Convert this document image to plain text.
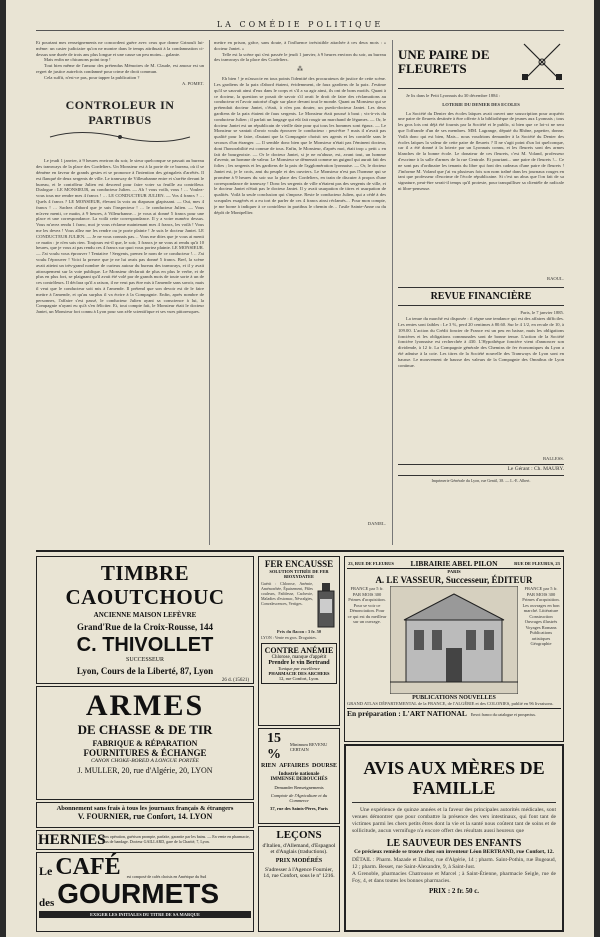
LA COMÉDIE POLITIQUE

Et pourtant mes renseignements ne concordent guère avec ceux que donne Grinoult lui-même: un casier judiciaire qu'on ne montre dans le temps attribuait à la condamnation ci-dessus une durée de trois ans plus longue et une cause un peu moins... galante.

Mais enfin ne chicanons point trop !

Tout bien même de l'amour des prétendus Mémoires de M. Claude, est amour est un regret de justice autrefois condamné pour crime de droit commun.

Cela suffit, n'est-ce pas, pour tapper la publication ?

A. POMET.

CONTROLEUR IN PARTIBUS

Le jeudi 1 janvier, à 9 heures environ du soir, le sieur quelconque se passait au bureau des tramways de la place des Cordeliers. Un Monsieur est à la porte de ce bureau, où il se démène en faveur de grands gestes et se prononce à l'intention des gringalets d'arrêtés. Il est flanqué de deux sergents de ville. Le tramway de Villeurbanne entre et s'arrête devant le bureau, et le contrôleur Julien est descend pour faire voter sa feuille au contrôleur. Dialogue : LE MONSIEUR, au conducteur Julien. — Ah ! vous voilà, vous ! … Voulez-vous tous me rendre mes 4 francs ! … LE CONDUCTEUR JULIEN. — Vos 4 francs ? … Quels 4 francs ? LE MONSIEUR, élevant la voix au diapason glapissant. — Oui, mes 4 francs ! … Sachez d'abord que je suis l'inspecteur ! … le conducteur Julien. — Vous m'avez menti, ce matin, à 9 heures, à Villeurbanne… je vous ai donné 5 francs pour une place et une correspondance. La voilà cette correspondance. Il y a votre numéro dessus. Vous m'avez rendu 1 franc, moi je vous réclame maintenant mes 4 francs, les voilà ! Vous me les devez ! Vous allez me les rendre ou je porte plainte ! Je suis le docteur Jantet. LE CONDUCTEUR JULIEN. — Je ne vous connais pas… Vous me dites que je vous ai menti ce matin : je n'en sais rien. Toujours est-il que, le soir, 3 francs je ne vous ai rendu qu'à 10 heures, que je vous ai pas rendu ces 4 francs sur quoi vous portez plainte. LE MONSIEUR. — J'ai voulu vous éprouver ! Tentative ! Sergents, prenez le nom de ce conducteur !… J'ai voulu l'éprouver ! Voici la preuve que je ne lui avais pas donné 5 francs. Bref, la scène avait atteint un très-grand nombre de curieux autour du bureau des tramways, et il y avait attroupement sur la voie publique. Le Monsieur déclarait de plus en plus le verbe, et de plus en plus fort, se plaignant qu'il avait été volé par de grands mots de toute sorte à un de ces contrôleurs. Il déclara qu'il a raison, il ne veut pas être mis à l'amende sans savoir, mais il veut que le conducteur soit mis à l'amende. Il prétend que son devoir est de le faire mettre à l'amende, et qu'au surplus il va écrire à la Compagnie. Enfin, après nombre de personnes, l'affaire s'est passé, le conducteur Julien ayant sa conscience à lui, la Compagnie n'ayant eu qu'à s'en féliciter. Et, tout compte fait, le Monsieur était le docteur Jantet, un Monsieur fort connu à Lyon pour son zèle scientifique et ses vues pittoresques.

mettre en prison, grâce, sans doute, à l'influence irrésistible attachée à ces deux mots : « docteur Jantet. »

Telle est la scène qui s'est passée le jeudi 1 janvier, à 9 heures environ du soir, au bureau des tramways de la place des Cordeliers.

⁂

Eh bien ! je m'associe en tous points l'identité des procurateurs de justice de cette scène. Les gardiens de la paix d'abord étaient, évidemment, de faux gardiens de la paix. J'estime qu'il se sauvait ainsi d'eux dans le corps et s'il a su agir ainsi, ils ont de bons motifs. Quant à ce docteur, la question se posait de savoir s'il avait le droit de faire des réclamations au conducteur et l'avoir autorisé d'agir sur place devant tout le monde. Quant au Monsieur qui se prétendait docteur Jantet, c'était, à n'en pas douter, un psedo-docteur Jantet. Les deux gardiens de la paix étaient de faux sergents. Le Monsieur était poussé à bout ; vis-à-vis du conducteur Julien ; il parlait un langage qui eût fait rougir un marchand de légumes. — Or, le docteur Jantet est un républicain de vieille date pour qui tous les hommes sont égaux. — Le Monsieur se vantait d'avoir voulu éprouver le conducteur : peut-être ? mais il n'avait pas qualité pour le faire, d'autant que la Compagnie choisit ses agents et les contrôle sans le secours d'un étranger. — Il semble donc bien que le Monsieur n'était pas l'éminent docteur, dont l'honorabilité est connue de tous. Enfin, le Monsieur, d'après moi, était trop « petit » en fait de bourgeoisie. — Or le docteur Jantet, si je ne m'abuse, est, avant tout, un homme d'avenir, un homme de valeur. Le Monsieur se démenait comme un guignol qui aurait fait des folies ; les sergents et les gardiens de la paix de l'agglomération lyonnaise. — Or, le docteur Jantet est, je le crois, ami du peuple et des ouvriers. Le Monsieur n'est pas l'homme qui se promène à 9 heures du soir sur la place des Cordeliers, en train de discuter à propos d'une correspondance de tramway ! Donc les sergents de ville n'étaient pas des sergents de ville, et le docteur Jantet n'était pas le docteur Jantet. Il y avait usurpation de titres et usurpation de qualités. Voilà la seule conclusion qui s'impose. Reste le conducteur Julien, qui a cédé à des scrupules exagérés et a eu tort de parler de ces 4 francs ainsi réclamés… Pour mon compte, je me borne à indiquer à ce contrôleur in partibus le chemin de… l'asile Sainte-Anne ou du dépôt de Montpellier.

DANIEL.

UNE PAIRE DE FLEURETS

Je lis dans le Petit Lyonnais du 30 décembre 1884 :

LOTERIE DU DENIER DES ECOLES

La Société du Denier des écoles laïques avait ouvert une souscription pour acquérir une paire de fleurets destinée à être offerte à la bibliothèque de jeunes aux Lyonnais ; tous les gros lots ont déjà été fournis par la Société et le public, si bien que ce lot-ci ne sera que l'offrande d'un de ses membres. MM. Lagrange, député du Rhône, papetier, donne. Voilà donc qui est bien, Mais... nous voudrions demander à la Société du Denier des écoles laïques la valeur de cette paire de fleurets ? Il ne s'agit point d'un lot quelconque, car il a été donné à la loterie par un Lyonnais connu, et les fleurets sont des armes blanches de la bonne école. Le donateur de ces fleurets, c'est M. Voland, professeur d'escrime à la salle d'armes de la rue Centrale. Et pourtant... une paire de fleurets !... Ce ne sont pas d'ordinaire les tenants du libre qui font des cadeaux d'une paire de fleurets ! J'informe M. Voland que j'ai vu plusieurs fois son nom traîné dans les journaux rouges en tant que professeur d'escrime de l'école républicaine. Si c'est un abus que l'on fait de sa signature, peut-être serait-il temps qu'il proteste, pour tranquilliser sa clientèle de radicale ni libre-penseuse.

RAOUL.

REVUE FINANCIÈRE

Paris, le 7 janvier 1885.

La tenue du marché est disposée : il règne une tendance qui est des affaires difficiles. Les rentes sont faibles : Le 3 %, perd 20 centimes à 80.60. Sur le 4 1/2, en recule de 10, à 109.00. L'action du Crédit foncier de France est un peu en baisse, mais les obligations foncières et les obligations communales sont de bonne tenue. L'action de la Société foncière lyonnaise est recherchée à 430. L'Hypothèque foncière vient d'annoncer son dividende, à 12 fr. La Compagnie générale des Chemins de fer économiques du Lyon a été admise à la cote. Les titres de la Société nouvelle des Tramways de Lyon sont en hausse. Le mouvement de hausse des valeurs de la Compagnie des Omnibus de Lyon continue.

BALLESS.

Le Gérant : Ch. MAURY.

Imprimerie Générale du Lyon, rue Gentil, 38. — L.-E. Albert.

TIMBRE CAOUTCHOUC
ANCIENNE MAISON LEFÈVRE
Grand'Rue de la Croix-Rousse, 144
C. THIVOLLET
SUCCESSEUR
Lyon, Cours de la Liberté, 87, Lyon
26 d. (15621)
ARMES
DE CHASSE & DE TIR
FABRIQUE & RÉPARATION
FOURNITURES & ÉCHANGE
CANON CHOKE-BORED A LONGUE PORTÉE
J. MULLER, 20, rue d'Algérie, 20, LYON
Abonnement sans frais à tous les journaux français & étrangers
V. FOURNIER, rue Confort, 14. LYON
HERNIES
sans opération, guérison prompte, parfaite, garantie par les bains. — En vente en pharmacie, plus de bandage. Docteur GAILLARD, gare de la Charité, 7, Lyon.
Le CAFÉ est composé de cafés choisis en Amérique du Sud
des GOURMETS
EXIGER LES INITIALES DU TITRE DE SA MARQUE
FER ENCAUSSE
SOLUTION TITRÉE DE FER BIOXYDATEE

Guérit : Chlorose, Anémie, Aménorrhée, Épuisement, Pâles couleurs, Faiblesse, Cachexie, Maladies d'estomac, Névralgies, Convalescences, Vertiges.

Prix du flacon : 3 fr. 50

LYON : Vente en gros. Droguistes.

CONTRE ANÉMIE
Chlorose, manque d'appétit
Prendre le vin Bertrand
Tonique par excellence
PHARMACIE DES ARCHERS
12, rue Confort, Lyon.
15 %
Minimum REVENU CERTAIN
RIEN AFFAIRES DOURSE
Industrie nationale
IMMENSE DEBOUCHÉS
Demander Renseignements
Comptoir de l'Agriculture et du Commerce
37, rue des Saints-Pères, Paris
LEÇONS
d'Italien, d'Allemand, d'Espagnol et d'Anglais (traductions).
PRIX MODÉRÉS
S'adresser à l'Agence Fournier, 14, rue Confort, sous le nº 1216.
23, RUE DE FLEURUS LIBRAIRIE ABEL PILON	RUE DE FLEURUS, 23
PARIS
A. LE VASSEUR, Successeur, ÉDITEUR

FRANCE par 5 fr. PAR MOIS 300 Primes d'acquisition. Pour se voir ce Dénonciation. Pour ce qui est du meilleur sur un ouvrage.

FRANCE par 5 fr. PAR MOIS 300 Primes d'acquisition. Les ouvrages en bon marché. Littérature Construction Ouvrages illustrés Voyages Romans Publications artistiques Géographie

PUBLICATIONS NOUVELLES

GRAND ATLAS DÉPARTEMENTAL de la FRANCE, de l'ALGÉRIE et des COLONIES, publié en 96 livraisons.

En préparation : L'ART NATIONAL Envoi franco du catalogue et prospectus.
AVIS AUX MÈRES DE FAMILLE

Une expérience de quinze années et la faveur des principales autorités médicales, sont venues démontrer que pour combattre la présence des vers intestinaux, qui font tant de victimes parmi les chers petits êtres dont la vie et la santé nous coûtent tant de soins et de sollicitude, aucun vermifuge n'a encore offert des résultats aussi heureux que

LE SAUVEUR DES ENFANTS
Ce précieux remède se trouve chez son inventeur Léon BERTRAND, rue Confort, 12.

DÉTAIL : Pharm. Mazade et Dalloz, rue d'Algérie, 14 ; pharm. Saint-Pothin, rue Bugeaud, 12 ; pharm. Besset, rue Saint-Alexandre, 9, à Saint-Just.

A Grenoble, pharmacies Chatrousse et Marcel ; à Saint-Étienne, pharmacie Seigle, rue de Foy, 4, et dans toutes les bonnes pharmacies.

PRIX : 2 fr. 50 c.
